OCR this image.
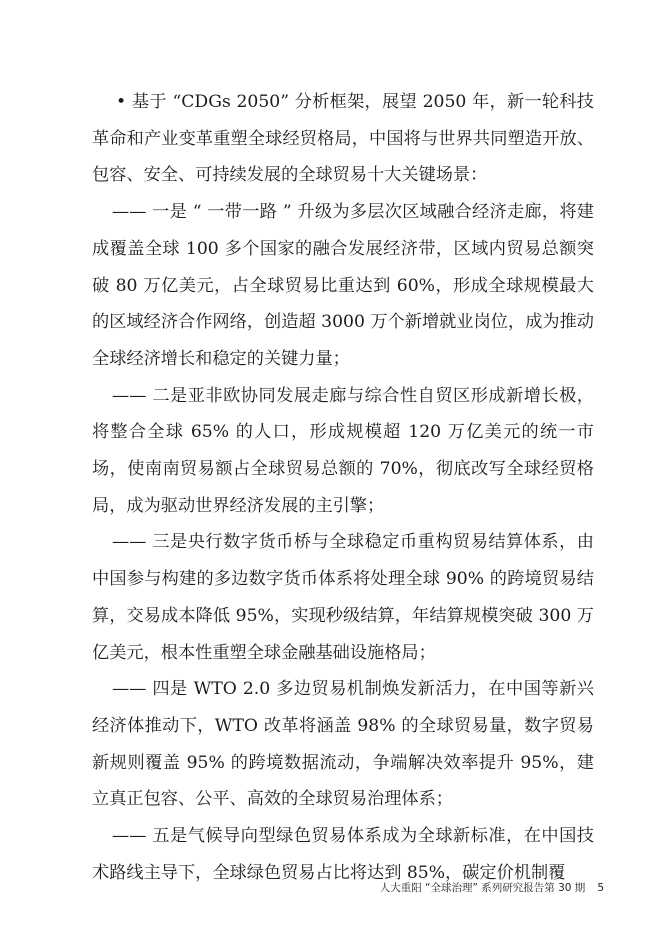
• 基于 “CDGs 2050” 分析框架，展望 2050 年，新一轮科技革命和产业变革重塑全球经贸格局，中国将与世界共同塑造开放、包容、安全、可持续发展的全球贸易十大关键场景：

—— 一是 “ 一带一路 ” 升级为多层次区域融合经济走廊，将建成覆盖全球 100 多个国家的融合发展经济带，区域内贸易总额突破 80 万亿美元，占全球贸易比重达到 60%，形成全球规模最大的区域经济合作网络，创造超 3000 万个新增就业岗位，成为推动全球经济增长和稳定的关键力量；

—— 二是亚非欧协同发展走廊与综合性自贸区形成新增长极，将整合全球 65% 的人口，形成规模超 120 万亿美元的统一市场，使南南贸易额占全球贸易总额的 70%，彻底改写全球经贸格局，成为驱动世界经济发展的主引擎；

—— 三是央行数字货币桥与全球稳定币重构贸易结算体系，由中国参与构建的多边数字货币体系将处理全球 90% 的跨境贸易结算，交易成本降低 95%，实现秒级结算，年结算规模突破 300 万亿美元，根本性重塑全球金融基础设施格局；

—— 四是 WTO 2.0 多边贸易机制焕发新活力，在中国等新兴经济体推动下，WTO 改革将涵盖 98% 的全球贸易量，数字贸易新规则覆盖 95% 的跨境数据流动，争端解决效率提升 95%，建立真正包容、公平、高效的全球贸易治理体系；

—— 五是气候导向型绿色贸易体系成为全球新标准，在中国技术路线主导下，全球绿色贸易占比将达到 85%，碳定价机制覆

人大重阳 “全球治理” 系列研究报告第 30 期 5
